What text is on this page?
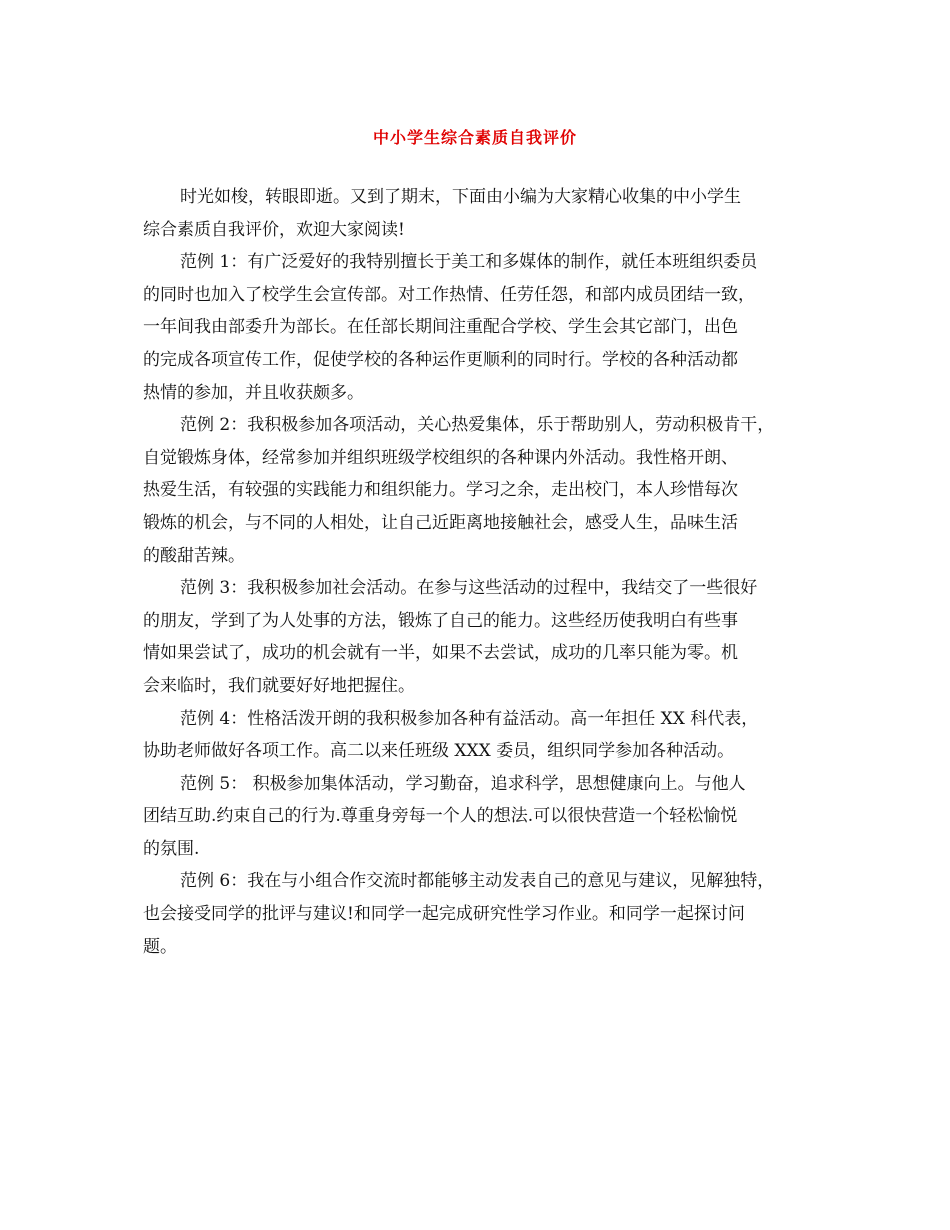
中小学生综合素质自我评价
时光如梭，转眼即逝。又到了期末，下面由小编为大家精心收集的中小学生
综合素质自我评价，欢迎大家阅读!
范例 1：有广泛爱好的我特别擅长于美工和多媒体的制作，就任本班组织委员
的同时也加入了校学生会宣传部。对工作热情、任劳任怨，和部内成员团结一致，
一年间我由部委升为部长。在任部长期间注重配合学校、学生会其它部门，出色
的完成各项宣传工作，促使学校的各种运作更顺利的同时行。学校的各种活动都
热情的参加，并且收获颇多。
范例 2：我积极参加各项活动，关心热爱集体，乐于帮助别人，劳动积极肯干，
自觉锻炼身体，经常参加并组织班级学校组织的各种课内外活动。我性格开朗、
热爱生活，有较强的实践能力和组织能力。学习之余，走出校门，本人珍惜每次
锻炼的机会，与不同的人相处，让自己近距离地接触社会，感受人生，品味生活
的酸甜苦辣。
范例 3：我积极参加社会活动。在参与这些活动的过程中，我结交了一些很好
的朋友，学到了为人处事的方法，锻炼了自己的能力。这些经历使我明白有些事
情如果尝试了，成功的机会就有一半，如果不去尝试，成功的几率只能为零。机
会来临时，我们就要好好地把握住。
范例 4：性格活泼开朗的我积极参加各种有益活动。高一年担任 XX 科代表，
协助老师做好各项工作。高二以来任班级 XXX 委员，组织同学参加各种活动。
范例 5： 积极参加集体活动，学习勤奋，追求科学，思想健康向上。与他人
团结互助.约束自己的行为.尊重身旁每一个人的想法.可以很快营造一个轻松愉悦
的氛围.
范例 6：我在与小组合作交流时都能够主动发表自己的意见与建议，见解独特，
也会接受同学的批评与建议!和同学一起完成研究性学习作业。和同学一起探讨问
题。
